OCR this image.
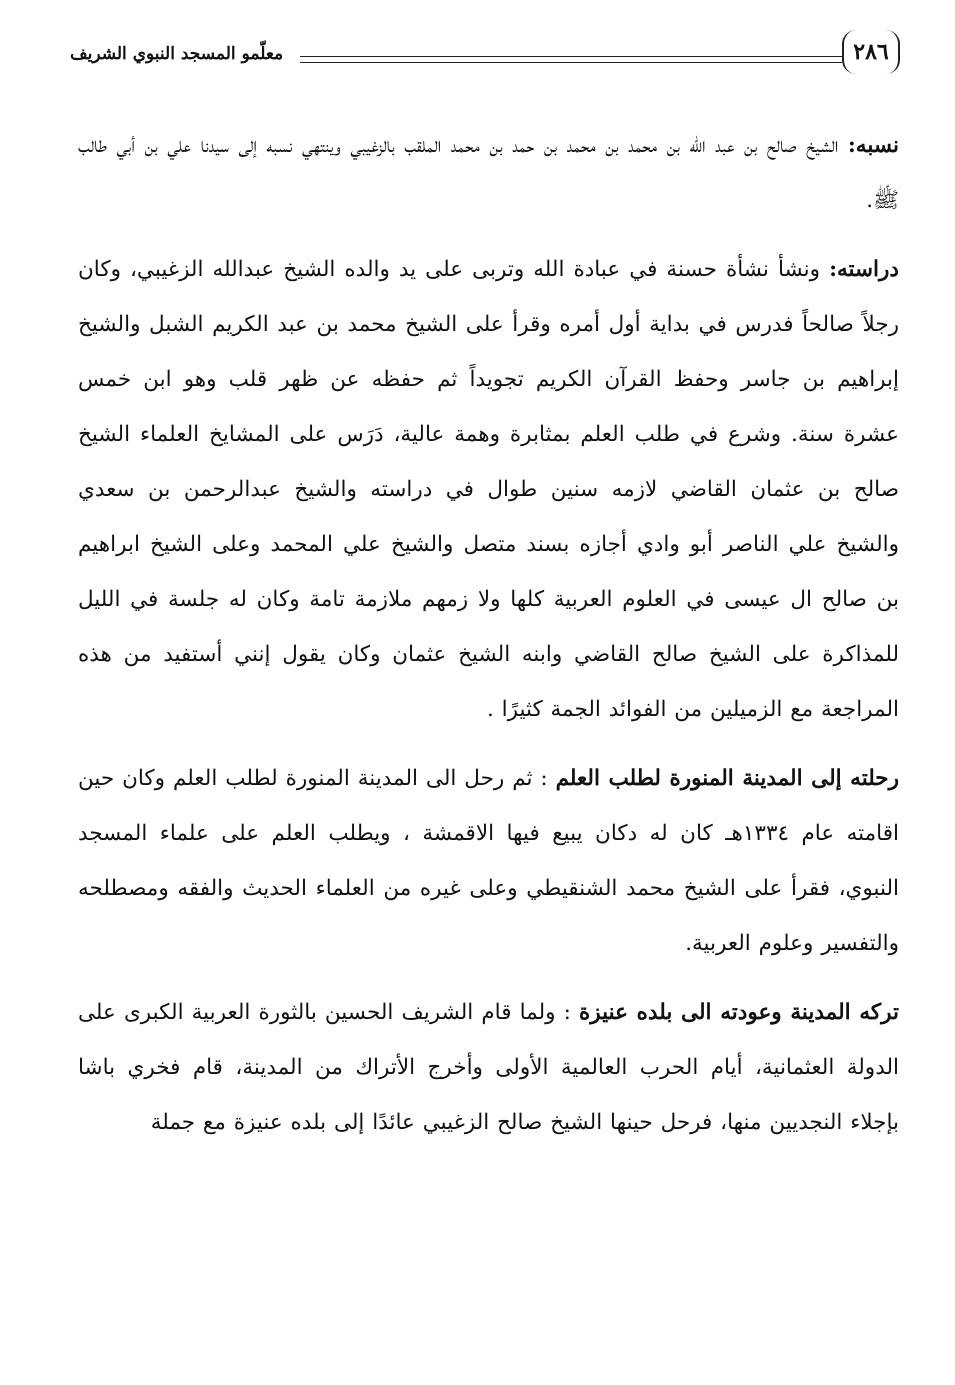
٢٨٦
معلّمو المسجد النبوي الشريف

نسبه: الشيخ صالح بن عبد الله بن محمد بن محمد بن حمد بن محمد الملقب بالزغيبي وينتهي نسبه إلى سيدنا علي بن أبي طالب ﷺ.

دراسته: ونشأ نشأة حسنة في عبادة الله وتربى على يد والده الشيخ عبدالله الزغيبي، وكان رجلاً صالحاً فدرس في بداية أول أمره وقرأ على الشيخ محمد بن عبد الكريم الشبل والشيخ إبراهيم بن جاسر وحفظ القرآن الكريم تجويداً ثم حفظه عن ظهر قلب وهو ابن خمس عشرة سنة. وشرع في طلب العلم بمثابرة وهمة عالية، دَرَس على المشايخ العلماء الشيخ صالح بن عثمان القاضي لازمه سنين طوال في دراسته والشيخ عبدالرحمن بن سعدي والشيخ علي الناصر أبو وادي أجازه بسند متصل والشيخ علي المحمد وعلى الشيخ ابراهيم بن صالح ال عيسى في العلوم العربية كلها ولا زمهم ملازمة تامة وكان له جلسة في الليل للمذاكرة على الشيخ صالح القاضي وابنه الشيخ عثمان وكان يقول إنني أستفيد من هذه المراجعة مع الزميلين من الفوائد الجمة كثيرًا .

رحلته إلى المدينة المنورة لطلب العلم : ثم رحل الى المدينة المنورة لطلب العلم وكان حين اقامته عام ١٣٣٤هـ كان له دكان يبيع فيها الاقمشة ، ويطلب العلم على علماء المسجد النبوي، فقرأ على الشيخ محمد الشنقيطي وعلى غيره من العلماء الحديث والفقه ومصطلحه والتفسير وعلوم العربية.

تركه المدينة وعودته الى بلده عنيزة : ولما قام الشريف الحسين بالثورة العربية الكبرى على الدولة العثمانية، أيام الحرب العالمية الأولى وأخرج الأتراك من المدينة، قام فخري باشا بإجلاء النجديين منها، فرحل حينها الشيخ صالح الزغيبي عائدًا إلى بلده عنيزة مع جملة
